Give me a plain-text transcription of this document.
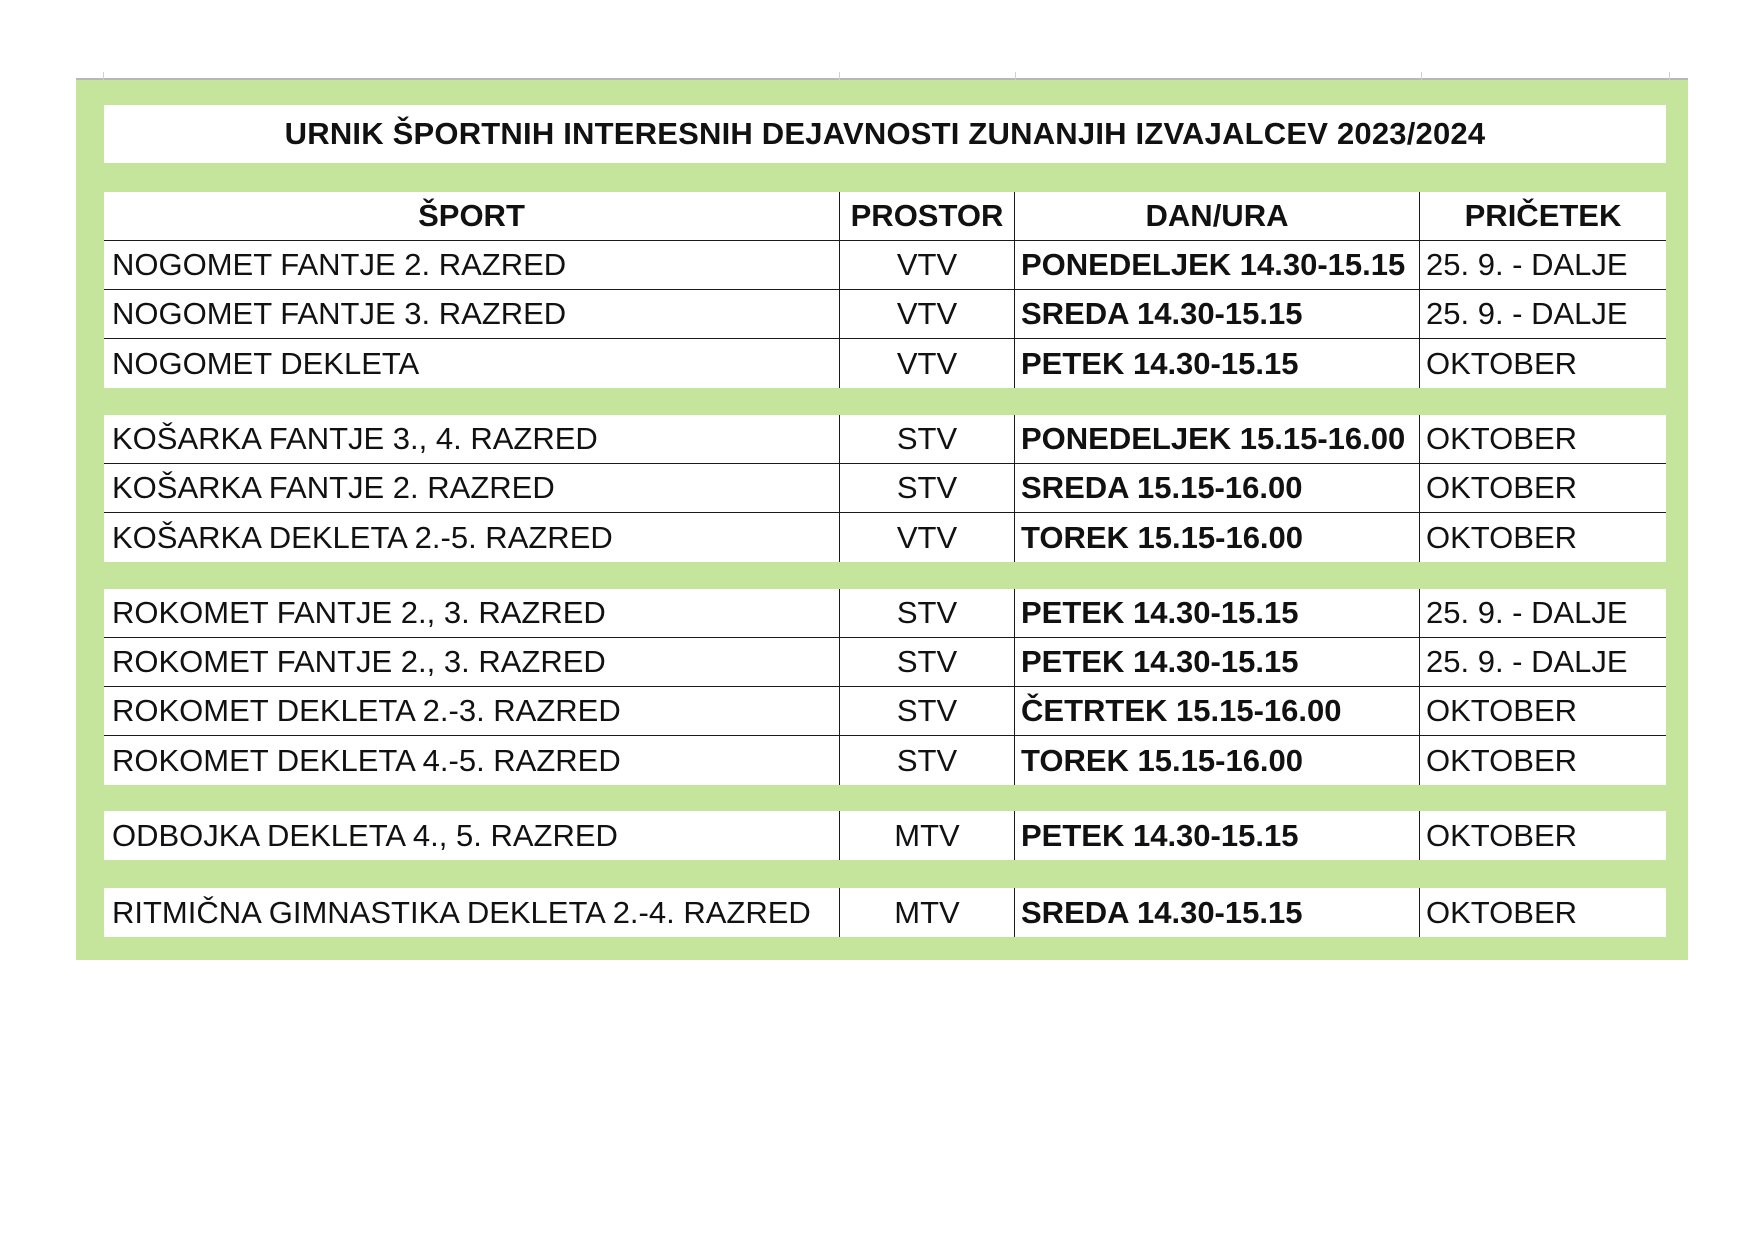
URNIK ŠPORTNIH INTERESNIH DEJAVNOSTI ZUNANJIH IZVAJALCEV 2023/2024
ŠPORT	PROSTOR	DAN/URA	PRIČETEK
NOGOMET FANTJE 2. RAZRED	VTV	PONEDELJEK 14.30-15.15 25. 9. - DALJE
NOGOMET FANTJE 3. RAZRED	VTV	SREDA 14.30-15.15	25. 9. - DALJE
NOGOMET DEKLETA	VTV	PETEK 14.30-15.15	OKTOBER
KOŠARKA FANTJE 3., 4. RAZRED	STV	PONEDELJEK 15.15-16.00 OKTOBER
KOŠARKA FANTJE 2. RAZRED	STV	SREDA 15.15-16.00	OKTOBER
KOŠARKA DEKLETA 2.-5. RAZRED	VTV	TOREK 15.15-16.00	OKTOBER
ROKOMET FANTJE 2., 3. RAZRED	STV	PETEK 14.30-15.15	25. 9. - DALJE
ROKOMET FANTJE 2., 3. RAZRED	STV	PETEK 14.30-15.15	25. 9. - DALJE
ROKOMET DEKLETA 2.-3. RAZRED	STV	ČETRTEK 15.15-16.00	OKTOBER
ROKOMET DEKLETA 4.-5. RAZRED	STV	TOREK 15.15-16.00	OKTOBER
ODBOJKA DEKLETA 4., 5. RAZRED	MTV	PETEK 14.30-15.15	OKTOBER
RITMIČNA GIMNASTIKA DEKLETA 2.-4. RAZRED	MTV	SREDA 14.30-15.15	OKTOBER
